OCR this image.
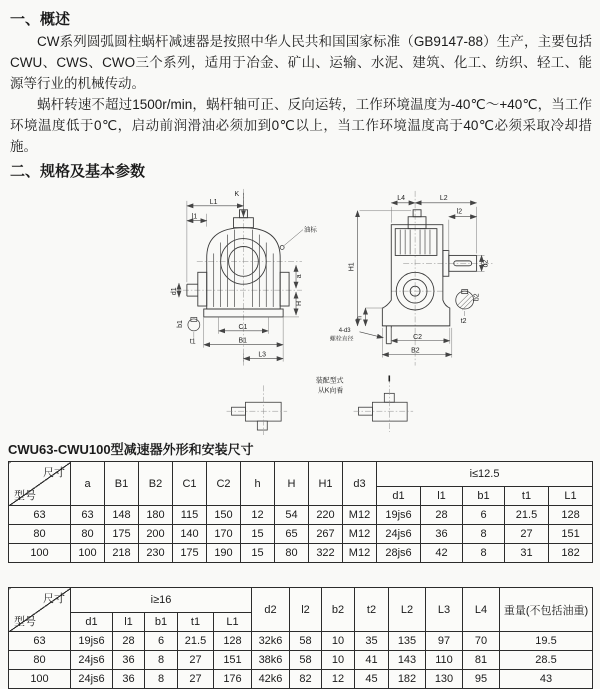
一、概述

CW系列圆弧圆柱蜗杆减速器是按照中华人民共和国国家标准（GB9147-88）生产，主要包括CWU、CWS、CWO三个系列，适用于冶金、矿山、运输、水泥、建筑、化工、纺织、轻工、能源等行业的机械传动。

蜗杆转速不超过1500r/min，蜗杆轴可正、反向运转，工作环境温度为-40℃～+40℃，当工作环境温度低于0℃，启动前润滑油必须加到0℃以上，当工作环境温度高于40℃必须采取冷却措施。

二、规格及基本参数
油标
K
L1
l1
d1
b1
t1
C1
B1
L3
a
H
L4	L2
l2
d2
b2
t2
H1
h
C2
B2
4-d3
螺栓直径
装配型式
从K向看
CWU63-CWU100型减速器外形和安装尺寸
尺寸
型号	a	B1	B2	C1	C2	h	H	H1	d3	i≤12.5				
										d1	l1	b1	t1	L1
63	63	148	180	115	150	12	54	220	M12	19js6	28	6	21.5	128
80	80	175	200	140	170	15	65	267	M12	24js6	36	8	27	151
100	100	218	230	175	190	15	80	322	M12	28js6	42	8	31	182
尺寸
型号	i≥16					d2	l2	b2	t2	L2	L3	L4	重量(不包括油重)
	d1	l1	b1	t1	L1								
63	19js6	28	6	21.5	128	32k6	58	10	35	135	97	70	19.5
80	24js6	36	8	27	151	38k6	58	10	41	143	110	81	28.5
100	24js6	36	8	27	176	42k6	82	12	45	182	130	95	43
